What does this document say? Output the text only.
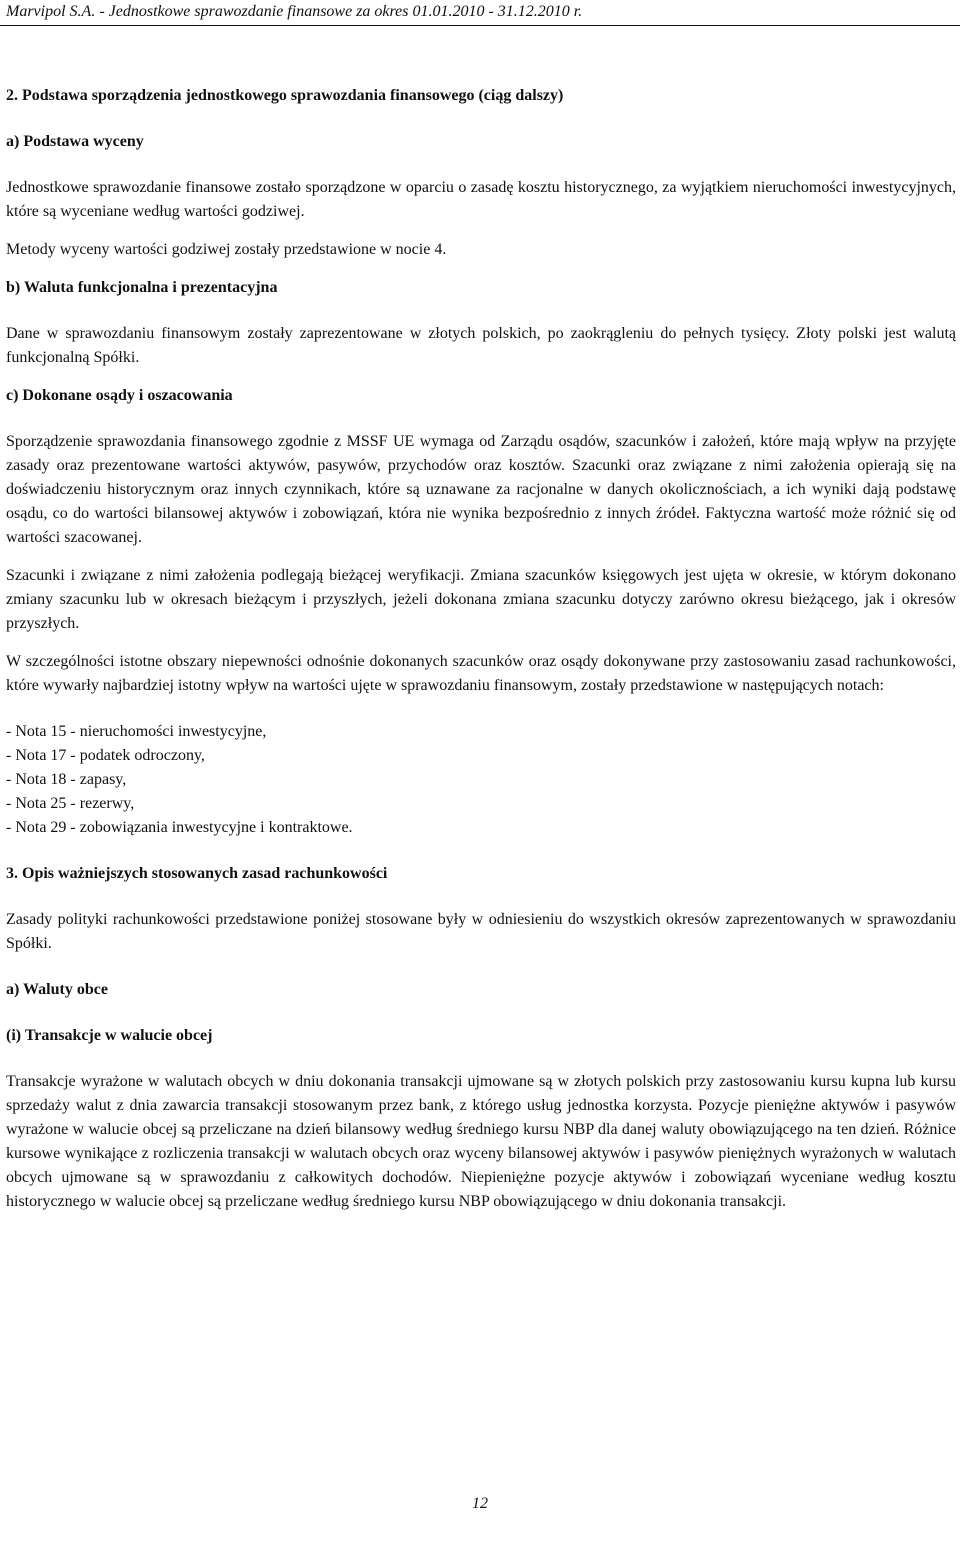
Marvipol S.A. - Jednostkowe sprawozdanie finansowe za okres 01.01.2010 - 31.12.2010 r.

2. Podstawa sporządzenia jednostkowego sprawozdania finansowego (ciąg dalszy)

a) Podstawa wyceny

Jednostkowe sprawozdanie finansowe zostało sporządzone w oparciu o zasadę kosztu historycznego, za wyjątkiem nieruchomości inwestycyjnych, które są wyceniane według wartości godziwej.

Metody wyceny wartości godziwej zostały przedstawione w nocie 4.

b) Waluta funkcjonalna i prezentacyjna

Dane w sprawozdaniu finansowym zostały zaprezentowane w złotych polskich, po zaokrągleniu do pełnych tysięcy. Złoty polski jest walutą funkcjonalną Spółki.

c) Dokonane osądy i oszacowania

Sporządzenie sprawozdania finansowego zgodnie z MSSF UE wymaga od Zarządu osądów, szacunków i założeń, które mają wpływ na przyjęte zasady oraz prezentowane wartości aktywów, pasywów, przychodów oraz kosztów. Szacunki oraz związane z nimi założenia opierają się na doświadczeniu historycznym oraz innych czynnikach, które są uznawane za racjonalne w danych okolicznościach, a ich wyniki dają podstawę osądu, co do wartości bilansowej aktywów i zobowiązań, która nie wynika bezpośrednio z innych źródeł. Faktyczna wartość może różnić się od wartości szacowanej.

Szacunki i związane z nimi założenia podlegają bieżącej weryfikacji. Zmiana szacunków księgowych jest ujęta w okresie, w którym dokonano zmiany szacunku lub w okresach bieżącym i przyszłych, jeżeli dokonana zmiana szacunku dotyczy zarówno okresu bieżącego, jak i okresów przyszłych.

W szczególności istotne obszary niepewności odnośnie dokonanych szacunków oraz osądy dokonywane przy zastosowaniu zasad rachunkowości, które wywarły najbardziej istotny wpływ na wartości ujęte w sprawozdaniu finansowym, zostały przedstawione w następujących notach:

- Nota 15 - nieruchomości inwestycyjne,
- Nota 17 - podatek odroczony,
- Nota 18 - zapasy,
- Nota 25 - rezerwy,
- Nota 29 - zobowiązania inwestycyjne i kontraktowe.

3. Opis ważniejszych stosowanych zasad rachunkowości

Zasady polityki rachunkowości przedstawione poniżej stosowane były w odniesieniu do wszystkich okresów zaprezentowanych w sprawozdaniu Spółki.

a) Waluty obce

(i) Transakcje w walucie obcej

Transakcje wyrażone w walutach obcych w dniu dokonania transakcji ujmowane są w złotych polskich przy zastosowaniu kursu kupna lub kursu sprzedaży walut z dnia zawarcia transakcji stosowanym przez bank, z którego usług jednostka korzysta. Pozycje pieniężne aktywów i pasywów wyrażone w walucie obcej są przeliczane na dzień bilansowy według średniego kursu NBP dla danej waluty obowiązującego na ten dzień. Różnice kursowe wynikające z rozliczenia transakcji w walutach obcych oraz wyceny bilansowej aktywów i pasywów pieniężnych wyrażonych w walutach obcych ujmowane są w sprawozdaniu z całkowitych dochodów. Niepieniężne pozycje aktywów i zobowiązań wyceniane według kosztu historycznego w walucie obcej są przeliczane według średniego kursu NBP obowiązującego w dniu dokonania transakcji.

12
